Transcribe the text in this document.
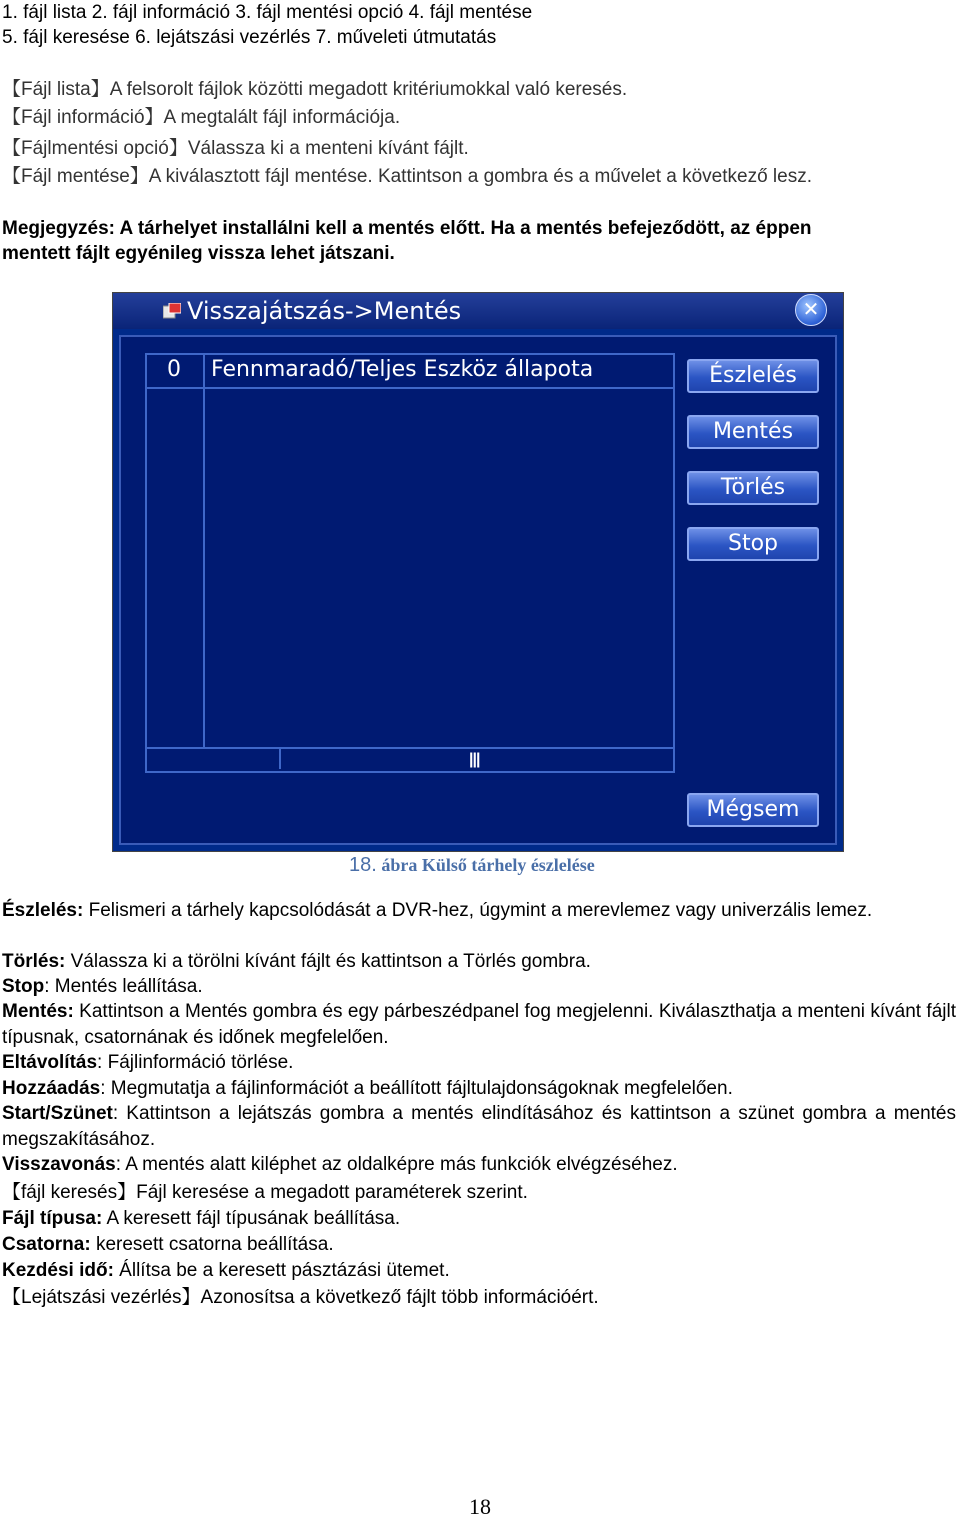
1. fájl lista 2. fájl információ 3. fájl mentési opció 4. fájl mentése
5. fájl keresése 6. lejátszási vezérlés 7. műveleti útmutatás
【Fájl lista】A felsorolt fájlok közötti megadott kritériumokkal való keresés.
【Fájl információ】A megtalált fájl információja.
【Fájlmentési opció】Válassza ki a menteni kívánt fájlt.
【Fájl mentése】A kiválasztott fájl mentése. Kattintson a gombra és a művelet a következő lesz.
Megjegyzés: A tárhelyet installálni kell a mentés előtt. Ha a mentés befejeződött, az éppen
mentett fájlt egyénileg vissza lehet játszani.
Visszajátszás->Mentés	✕
0 Fennmaradó/Teljes Eszköz állapota
|||
Észlelés
Mentés
Törlés
Stop
Mégsem
18. ábra Külső tárhely észlelése
Észlelés: Felismeri a tárhely kapcsolódását a DVR-hez, úgymint a merevlemez vagy univerzális lemez.
Törlés: Válassza ki a törölni kívánt fájlt és kattintson a Törlés gombra.
Stop: Mentés leállítása.
Mentés: Kattintson a Mentés gombra és egy párbeszédpanel fog megjelenni. Kiválaszthatja a menteni kívánt fájlt típusnak, csatornának és időnek megfelelően.
Eltávolítás: Fájlinformáció törlése.
Hozzáadás: Megmutatja a fájlinformációt a beállított fájltulajdonságoknak megfelelően.
Start/Szünet: Kattintson a lejátszás gombra a mentés elindításához és kattintson a szünet gombra a mentés megszakításához.
Visszavonás: A mentés alatt kiléphet az oldalképre más funkciók elvégzéséhez.
【fájl keresés】Fájl keresése a megadott paraméterek szerint.
Fájl típusa: A keresett fájl típusának beállítása.
Csatorna: keresett csatorna beállítása.
Kezdési idő: Állítsa be a keresett pásztázási ütemet.
【Lejátszási vezérlés】Azonosítsa a következő fájlt több információért.
18
